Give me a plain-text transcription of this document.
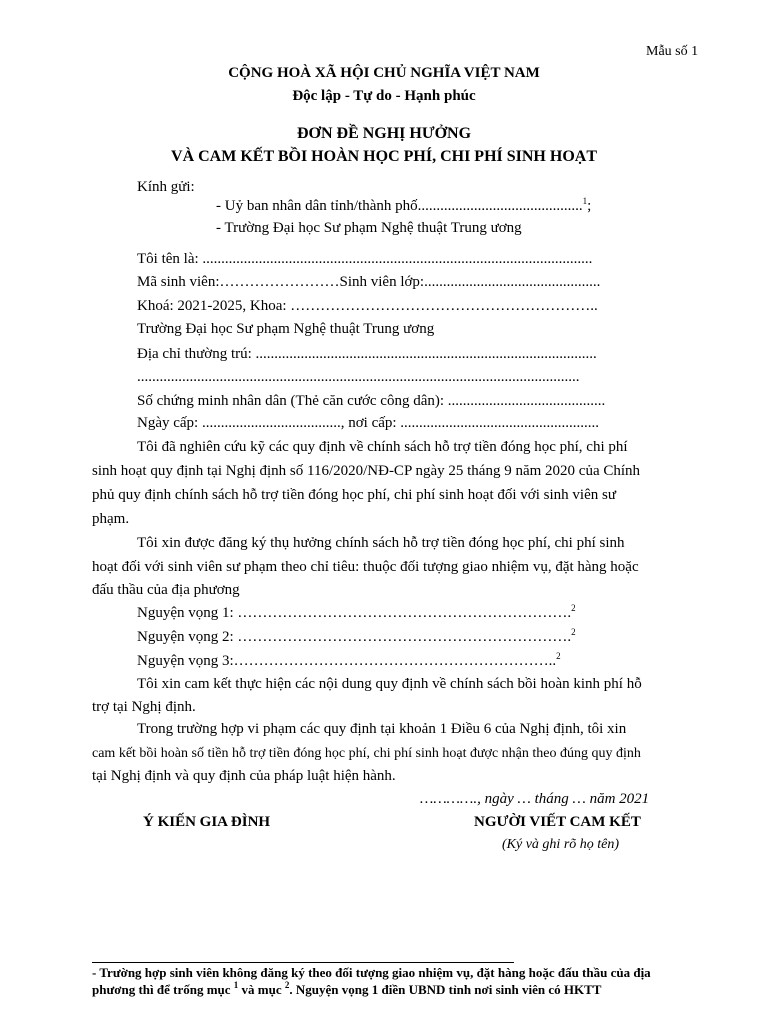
Mẫu số 1
CỘNG HOÀ XÃ HỘI CHỦ NGHĨA VIỆT NAM
Độc lập - Tự do - Hạnh phúc
ĐƠN ĐỀ NGHỊ HƯỞNG
VÀ CAM KẾT BỒI HOÀN HỌC PHÍ, CHI PHÍ SINH HOẠT
Kính gửi:
- Uỷ ban nhân dân tỉnh/thành phố............................................$^1$;
- Trường Đại học Sư phạm Nghệ thuật Trung ương
Tôi tên là: ........................................................................................................
Mã sinh viên:……………………Sinh viên lớp:...............................................
Khoá: 2021-2025, Khoa: ……………………………………………………..
Trường Đại học Sư phạm Nghệ thuật Trung ương
Địa chỉ thường trú: ...........................................................................................
......................................................................................................................
Số chứng minh nhân dân (Thẻ căn cước công dân): ..........................................
Ngày cấp: ....................................., nơi cấp: .....................................................
Tôi đã nghiên cứu kỹ các quy định về chính sách hỗ trợ tiền đóng học phí, chi phí
sinh hoạt quy định tại Nghị định số 116/2020/NĐ-CP ngày 25 tháng 9 năm 2020 của Chính
phủ quy định chính sách hỗ trợ tiền đóng học phí, chi phí sinh hoạt đối với sinh viên sư
phạm.
Tôi xin được đăng ký thụ hưởng chính sách hỗ trợ tiền đóng học phí, chi phí sinh
hoạt đối với sinh viên sư phạm theo chỉ tiêu: thuộc đối tượng giao nhiệm vụ, đặt hàng hoặc
đấu thầu của địa phương
Nguyện vọng 1: ………………………………………………………….$^2$
Nguyện vọng 2: ………………………………………………………….$^2$
Nguyện vọng 3:………………………………………………………..$^2$
Tôi xin cam kết thực hiện các nội dung quy định về chính sách bồi hoàn kinh phí hỗ
trợ tại Nghị định.
Trong trường hợp vi phạm các quy định tại khoản 1 Điều 6 của Nghị định, tôi xin
cam kết bồi hoàn số tiền hỗ trợ tiền đóng học phí, chi phí sinh hoạt được nhận theo đúng quy định
tại Nghị định và quy định của pháp luật hiện hành.
…………., ngày … tháng … năm 2021
Ý KIẾN GIA ĐÌNH	NGƯỜI VIẾT CAM KẾT
(Ký và ghi rõ họ tên)
- Trường hợp sinh viên không đăng ký theo đối tượng giao nhiệm vụ, đặt hàng hoặc đấu thầu của địa
phương thì để trống mục $^1$ và mục $^2$. Nguyện vọng 1 điền UBND tỉnh nơi sinh viên có HKTT
